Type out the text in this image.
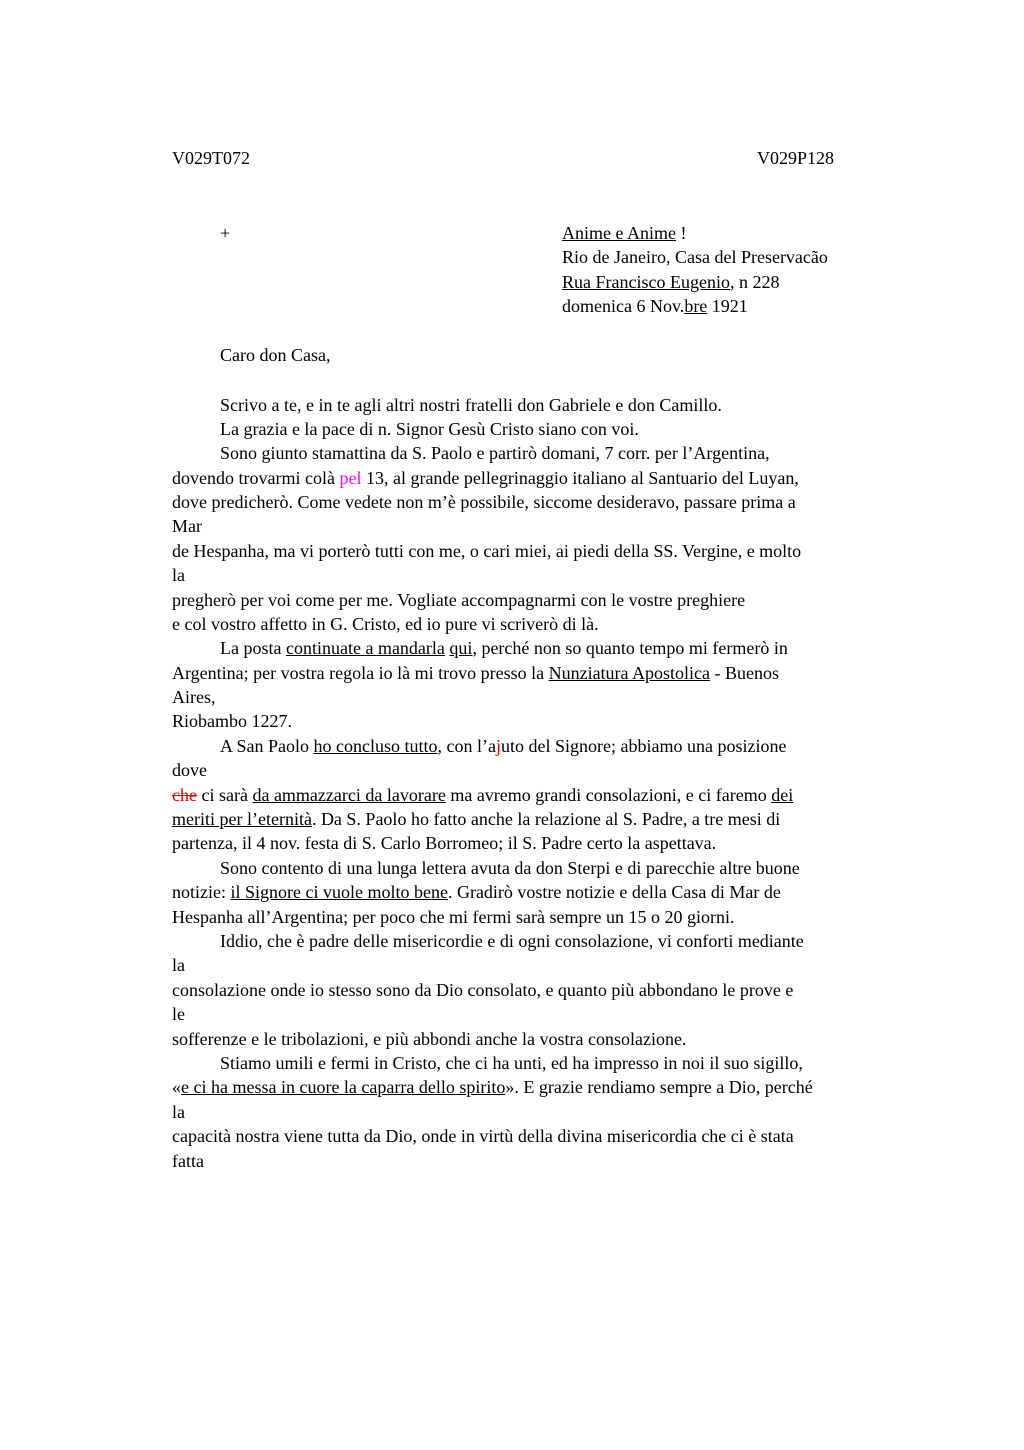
V029T072	V029P128
+	Anime e Anime !
Rio de Janeiro, Casa del Preservacão
Rua Francisco Eugenio, n 228
domenica 6 Nov.bre 1921
Caro don Casa,
Scrivo a te, e in te agli altri nostri fratelli don Gabriele e don Camillo.
La grazia e la pace di n. Signor Gesù Cristo siano con voi.
Sono giunto stamattina da S. Paolo e partirò domani, 7 corr. per l’Argentina,
dovendo trovarmi colà pel 13, al grande pellegrinaggio italiano al Santuario del Luyan,
dove predicherò. Come vedete non m’è possibile, siccome desideravo, passare prima a
Mar
de Hespanha, ma vi porterò tutti con me, o cari miei, ai piedi della SS. Vergine, e molto
la
pregherò per voi come per me. Vogliate accompagnarmi con le vostre preghiere
e col vostro affetto in G. Cristo, ed io pure vi scriverò di là.
La posta continuate a mandarla qui, perché non so quanto tempo mi fermerò in
Argentina; per vostra regola io là mi trovo presso la Nunziatura Apostolica - Buenos
Aires,
Riobambo 1227.
A San Paolo ho concluso tutto, con l’ajuto del Signore; abbiamo una posizione
dove
che ci sarà da ammazzarci da lavorare ma avremo grandi consolazioni, e ci faremo dei
meriti per l’eternità. Da S. Paolo ho fatto anche la relazione al S. Padre, a tre mesi di
partenza, il 4 nov. festa di S. Carlo Borromeo; il S. Padre certo la aspettava.
Sono contento di una lunga lettera avuta da don Sterpi e di parecchie altre buone
notizie: il Signore ci vuole molto bene. Gradirò vostre notizie e della Casa di Mar de
Hespanha all’Argentina; per poco che mi fermi sarà sempre un 15 o 20 giorni.
Iddio, che è padre delle misericordie e di ogni consolazione, vi conforti mediante
la
consolazione onde io stesso sono da Dio consolato, e quanto più abbondano le prove e
le
sofferenze e le tribolazioni, e più abbondi anche la vostra consolazione.
Stiamo umili e fermi in Cristo, che ci ha unti, ed ha impresso in noi il suo sigillo,
«e ci ha messa in cuore la caparra dello spirito». E grazie rendiamo sempre a Dio, perché
la
capacità nostra viene tutta da Dio, onde in virtù della divina misericordia che ci è stata
fatta
